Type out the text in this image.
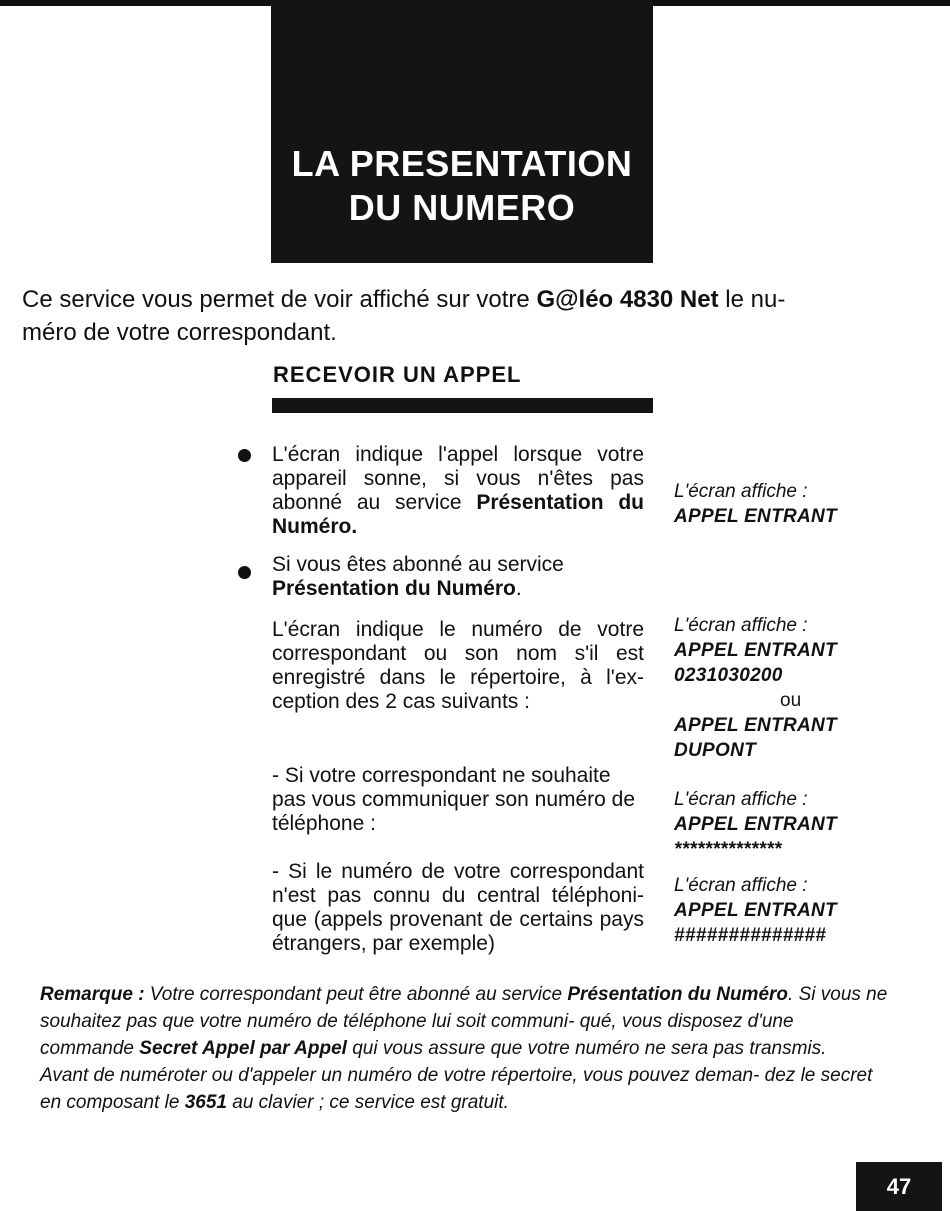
LA PRESENTATION
DU NUMERO
Ce service vous permet de voir affiché sur votre G@léo 4830 Net le nu-
méro de votre correspondant.
RECEVOIR UN APPEL
L'écran indique l'appel lorsque votre appareil sonne, si vous n'êtes pas abonné au service Présentation du Numéro.
Si vous êtes abonné au service
Présentation du Numéro.
L'écran indique le numéro de votre correspondant ou son nom s'il est enregistré dans le répertoire, à l'ex- ception des 2 cas suivants :
- Si votre correspondant ne souhaite pas vous communiquer son numéro de téléphone :
- Si le numéro de votre correspondant n'est pas connu du central téléphoni- que (appels provenant de certains pays étrangers, par exemple)
L'écran affiche :
APPEL ENTRANT
L'écran affiche :
APPEL ENTRANT
0231030200
ou
APPEL ENTRANT
DUPONT
L'écran affiche :
APPEL ENTRANT
**************
L'écran affiche :
APPEL ENTRANT
##############

Remarque : Votre correspondant peut être abonné au service Présentation du Numéro. Si vous ne souhaitez pas que votre numéro de téléphone lui soit communi- qué, vous disposez d'une commande Secret Appel par Appel qui vous assure que votre numéro ne sera pas transmis.

Avant de numéroter ou d'appeler un numéro de votre répertoire, vous pouvez deman- dez le secret en composant le 3651 au clavier ; ce service est gratuit.

47
